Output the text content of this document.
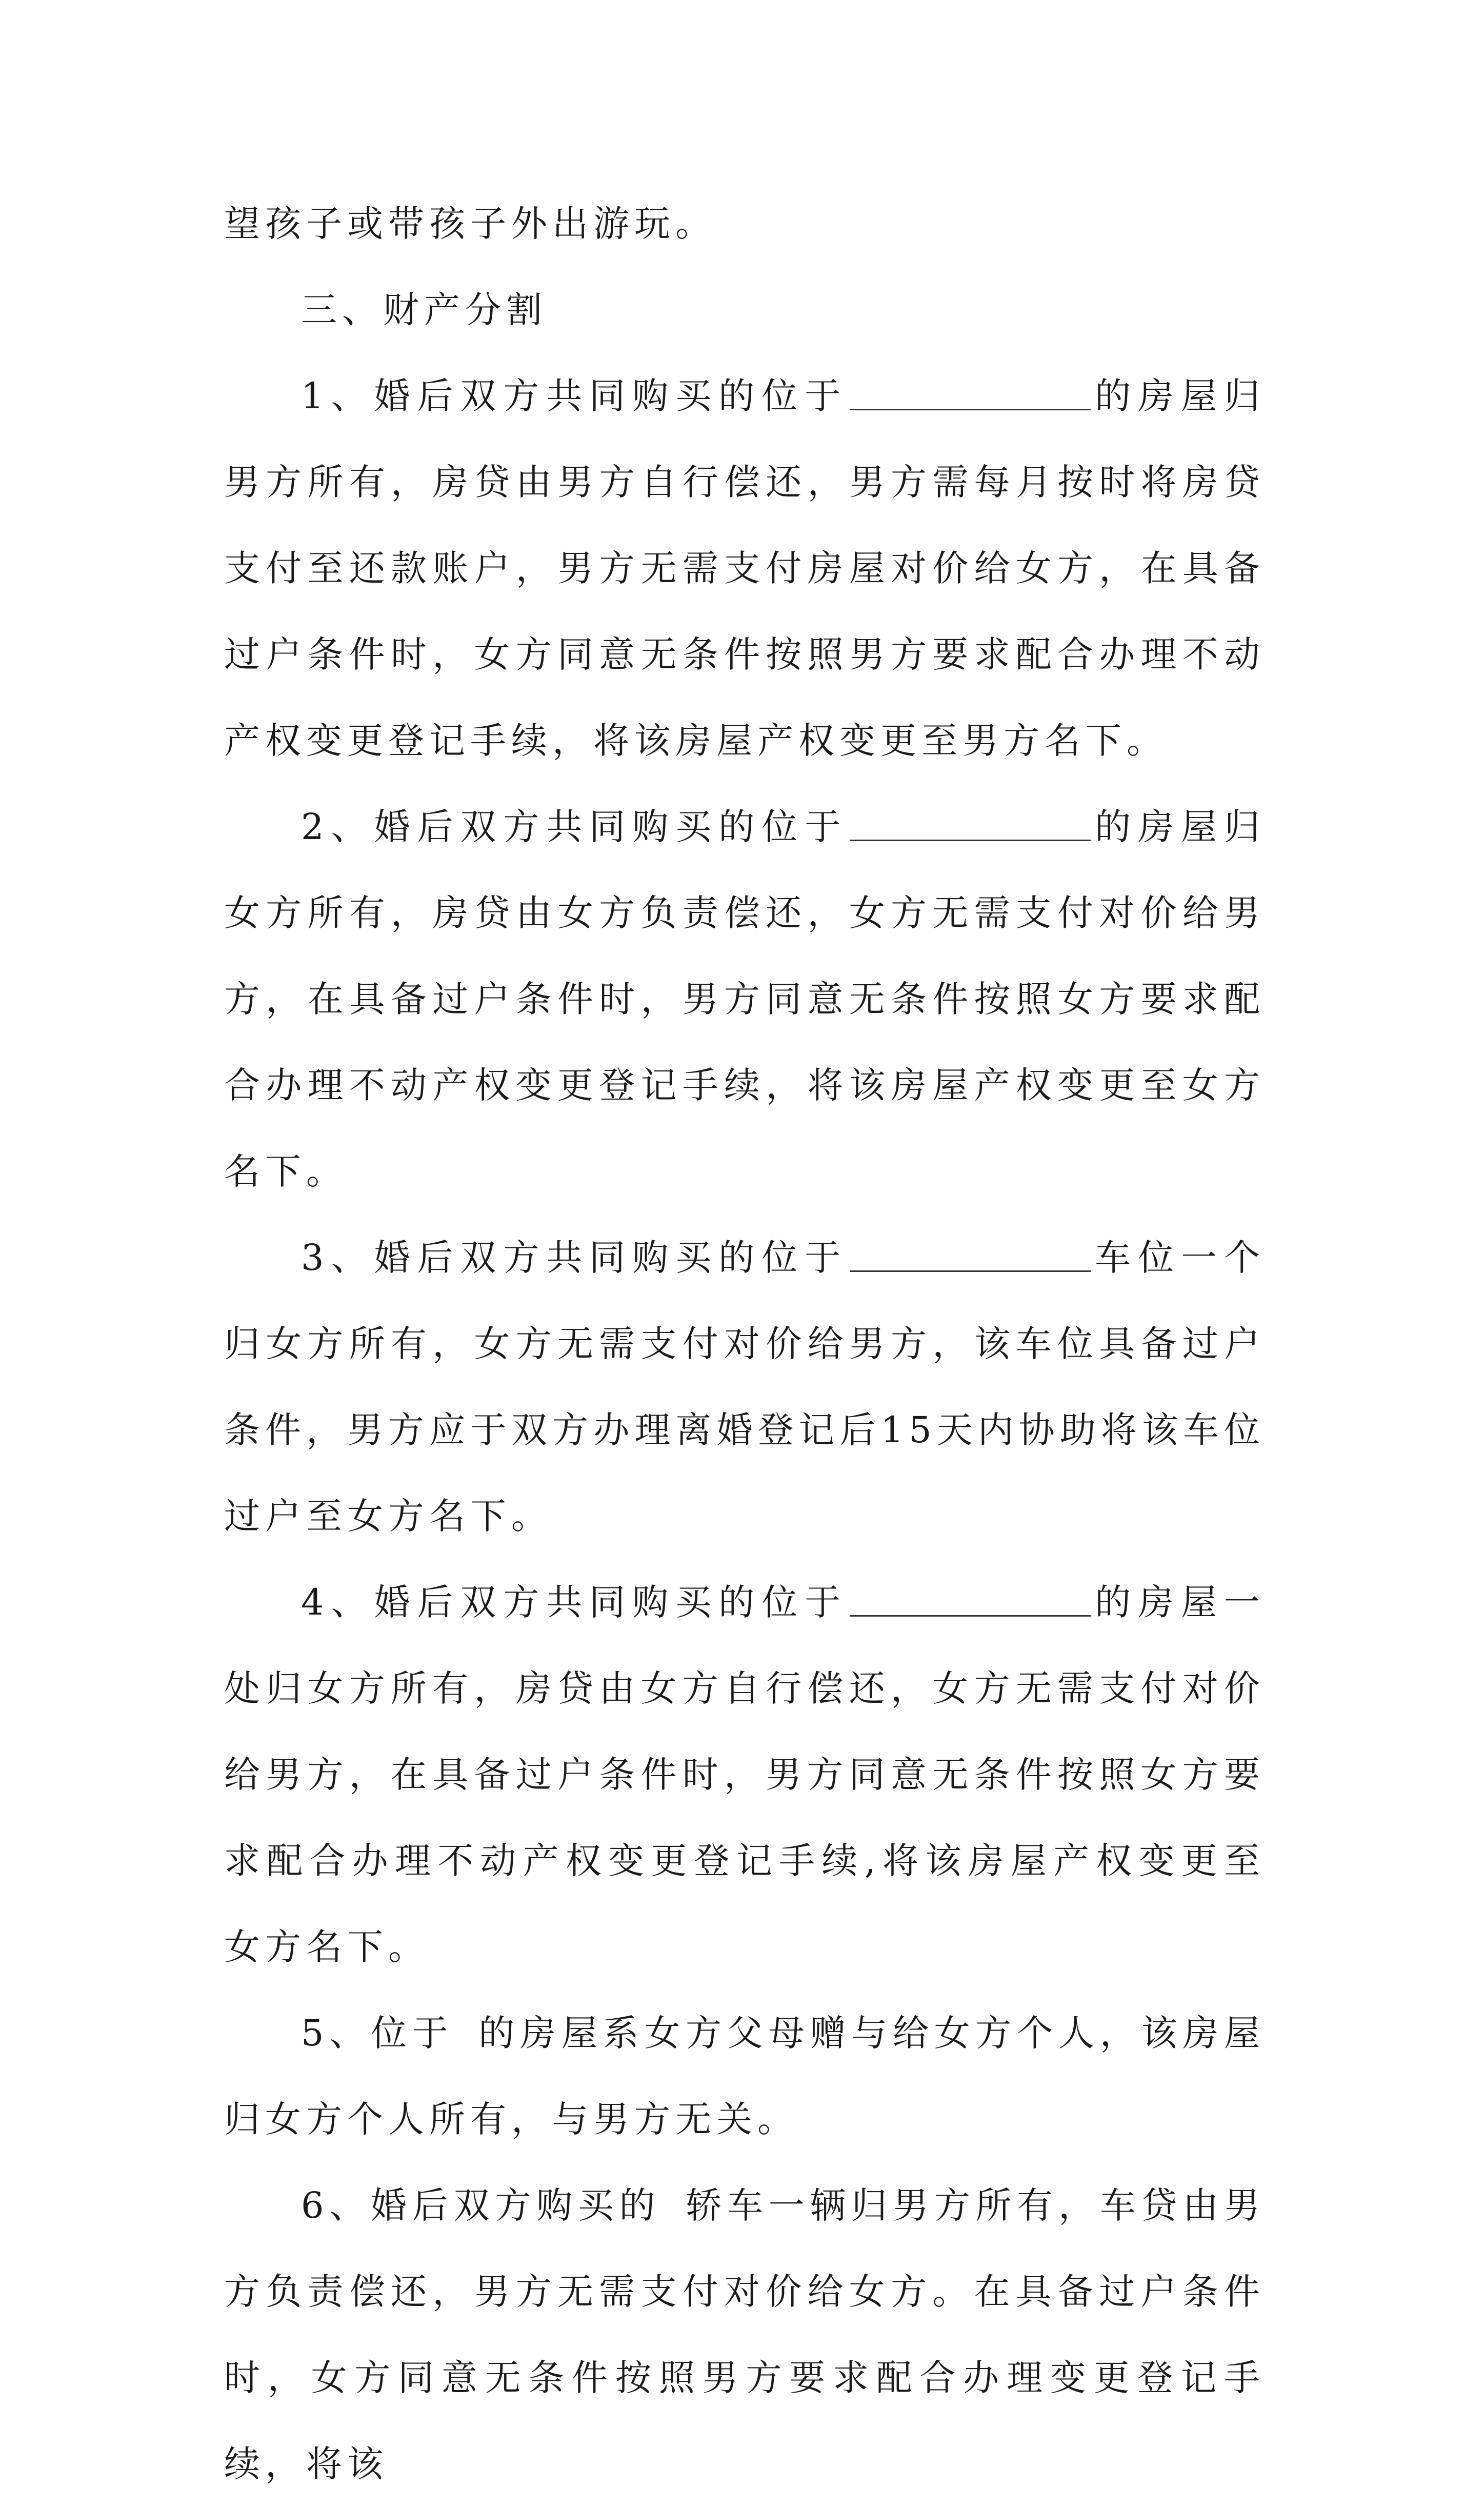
望孩子或带孩子外出游玩。

三、财产分割

1、婚后双方共同购买的位于	的房屋归男方所有，房贷由男方自行偿还，男方需每月按时将房贷支付至还款账户，男方无需支付房屋对价给女方，在具备过户条件时，女方同意无条件按照男方要求配合办理不动产权变更登记手续，将该房屋产权变更至男方名下。

2、婚后双方共同购买的位于	的房屋归女方所有，房贷由女方负责偿还，女方无需支付对价给男方，在具备过户条件时，男方同意无条件按照女方要求配合办理不动产权变更登记手续，将该房屋产权变更至女方名下。

3、婚后双方共同购买的位于	车位一个归女方所有，女方无需支付对价给男方，该车位具备过户条件，男方应于双方办理离婚登记后15天内协助将该车位过户至女方名下。

4、婚后双方共同购买的位于	的房屋一处归女方所有，房贷由女方自行偿还，女方无需支付对价给男方，在具备过户条件时，男方同意无条件按照女方要求配合办理不动产权变更登记手续,将该房屋产权变更至女方名下。

5、位于 的房屋系女方父母赠与给女方个人，该房屋归女方个人所有，与男方无关。

6、婚后双方购买的 轿车一辆归男方所有，车贷由男方负责偿还，男方无需支付对价给女方。在具备过户条件时，女方同意无条件按照男方要求配合办理变更登记手续，将该
